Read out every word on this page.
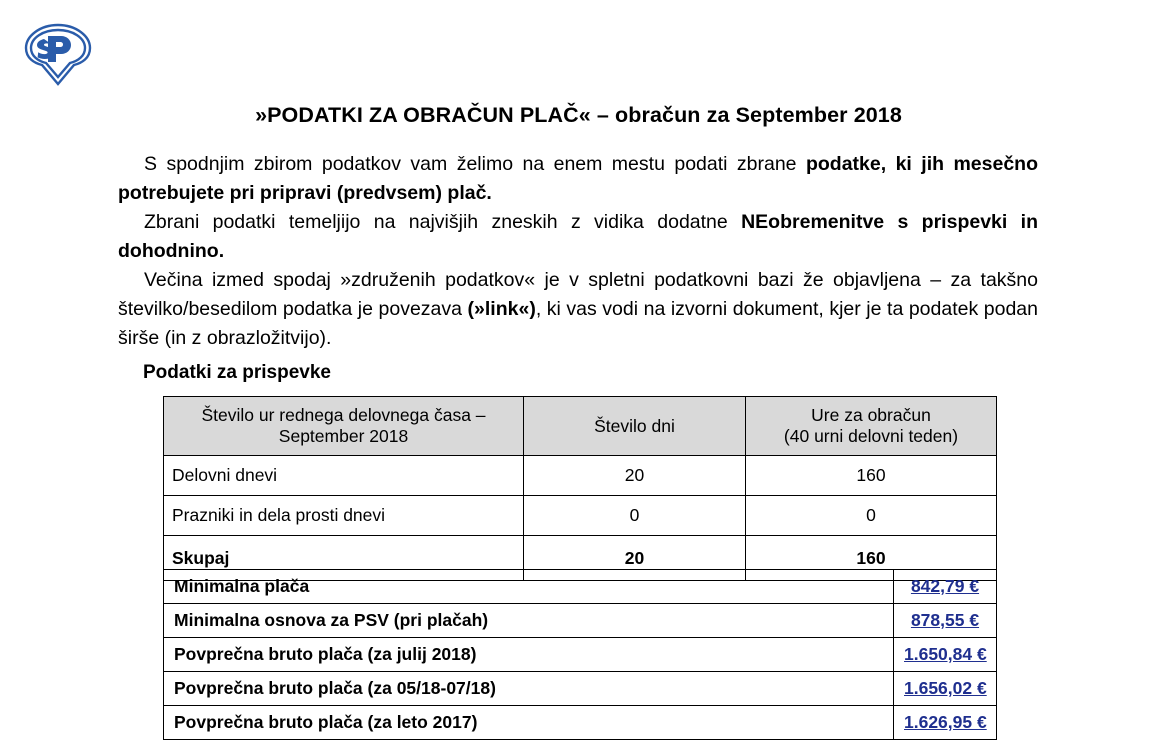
»PODATKI ZA OBRAČUN PLAČ« – obračun za September 2018

S spodnjim zbirom podatkov vam želimo na enem mestu podati zbrane podatke, ki jih mesečno potrebujete pri pripravi (predvsem) plač.

Zbrani podatki temeljijo na najvišjih zneskih z vidika dodatne NEobremenitve s prispevki in dohodnino.

Večina izmed spodaj »združenih podatkov« je v spletni podatkovni bazi že objavljena – za takšno številko/besedilom podatka je povezava (»link«), ki vas vodi na izvorni dokument, kjer je ta podatek podan širše (in z obrazložitvijo).

Podatki za prispevke
Število ur rednega delovnega časa –
September 2018	Število dni	Ure za obračun
(40 urni delovni teden)
Delovni dnevi	20	160
Prazniki in dela prosti dnevi	0	0
Skupaj	20	160
Minimalna plača	842,79 €
Minimalna osnova za PSV (pri plačah)	878,55 €
Povprečna bruto plača (za julij 2018)	1.650,84 €
Povprečna bruto plača (za 05/18-07/18)	1.656,02 €
Povprečna bruto plača (za leto 2017)	1.626,95 €
